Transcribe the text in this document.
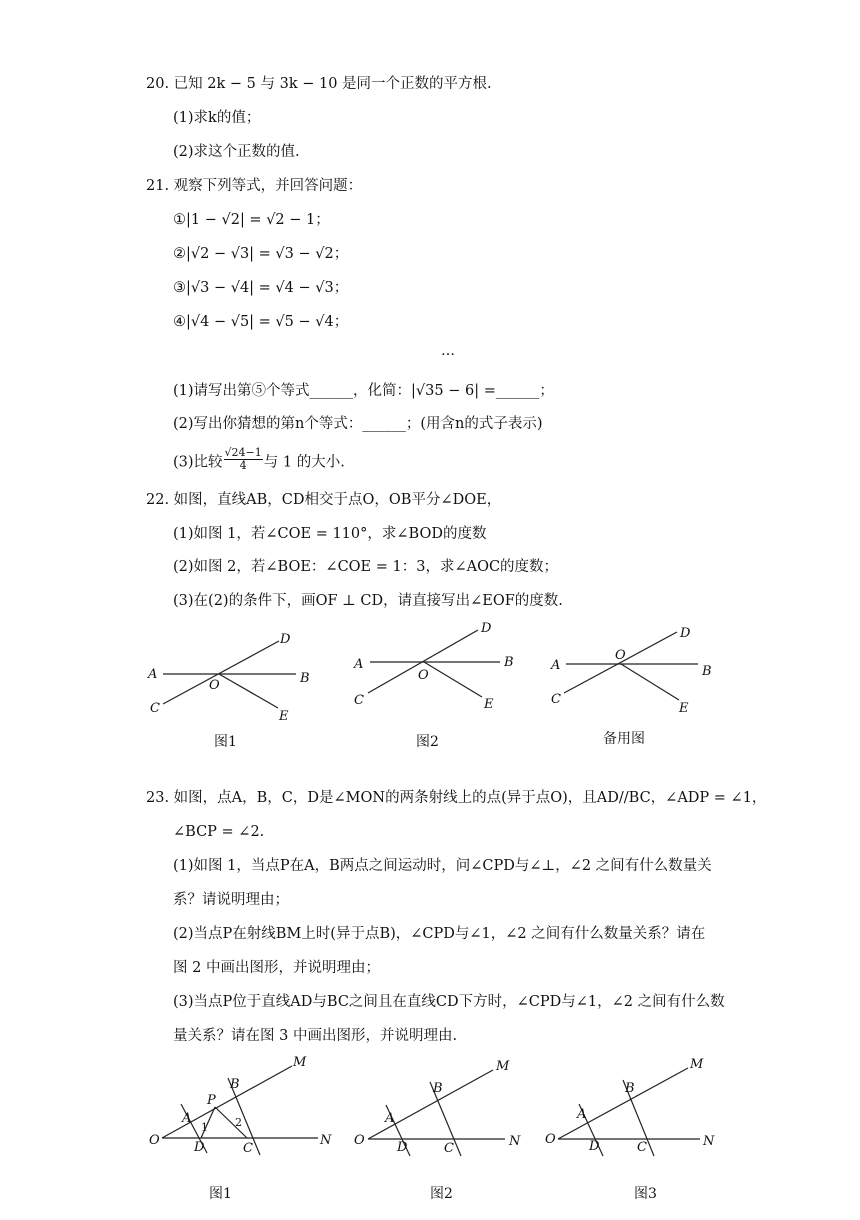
20. 已知 2k − 5 与 3k − 10 是同一个正数的平方根.
(1)求k的值；
(2)求这个正数的值.
21. 观察下列等式，并回答问题：
①|1 − √2| = √2 − 1；
②|√2 − √3| = √3 − √2；
③|√3 − √4| = √4 − √3；
④|√4 − √5| = √5 − √4；
…
(1)请写出第⑤个等式______，化简：|√35 − 6| =______；
(2)写出你猜想的第n个等式：______；(用含n的式子表示)
(3)比较 $\frac{√24-1}{4}$ 与 1 的大小.
22. 如图，直线AB，CD相交于点O，OB平分∠DOE，
(1)如图 1，若∠COE = 110°，求∠BOD的度数
(2)如图 2，若∠BOE：∠COE = 1：3，求∠AOC的度数；
(3)在(2)的条件下，画OF ⊥ CD，请直接写出∠EOF的度数.
A	B
C
D
E
O
A	B
C
D
E
O
A	B
C
D
E
O
图1	图2	备用图
23. 如图，点A，B，C，D是∠MON的两条射线上的点(异于点O)，且AD//BC，∠ADP = ∠1，
∠BCP = ∠2.
(1)如图 1，当点P在A，B两点之间运动时，问∠CPD与∠⊥，∠2 之间有什么数量关
系？请说明理由；
(2)当点P在射线BM上时(异于点B)，∠CPD与∠1，∠2 之间有什么数量关系？请在
图 2 中画出图形，并说明理由；
(3)当点P位于直线AD与BC之间且在直线CD下方时，∠CPD与∠1，∠2 之间有什么数
量关系？请在图 3 中画出图形，并说明理由.
O	N
M
A
B
D	C
P
1 2
O	N
M
A
B
D	C
O	N
M
A
B
D	C
图1	图2	图3
